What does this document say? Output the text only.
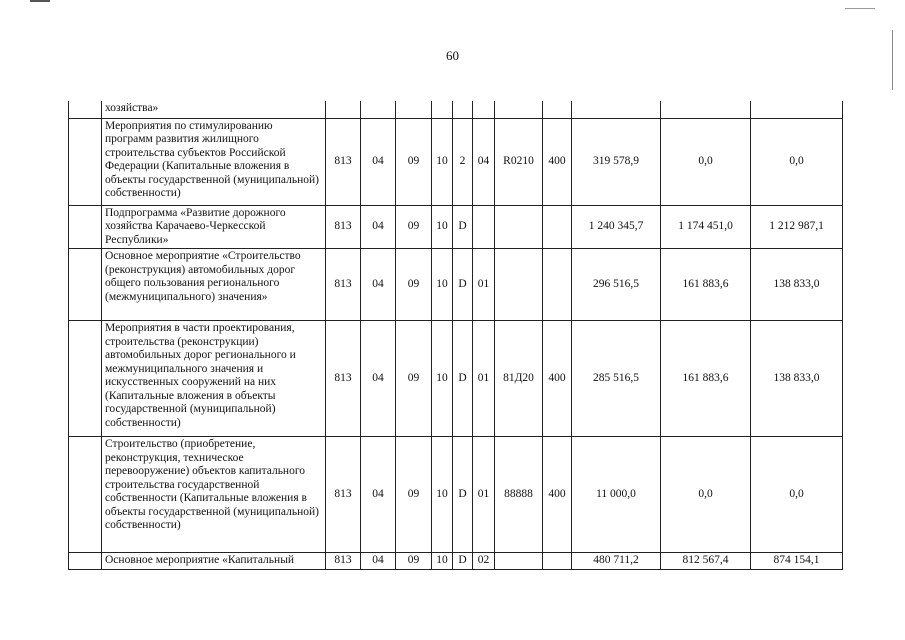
60
	хозяйства»											
	Мероприятия по стимулированию программ развития жилищного строительства субъектов Российской Федерации (Капитальные вложения в объекты государственной (муниципальной) собственности)	813	04	09	10	2	04	R0210	400	319 578,9	0,0	0,0
	Подпрограмма «Развитие дорожного хозяйства Карачаево-Черкесской Республики»	813	04	09	10	D				1 240 345,7	1 174 451,0	1 212 987,1
	Основное мероприятие «Строительство (реконструкция) автомобильных дорог общего пользования регионального (межмуниципального) значения»	813	04	09	10	D	01			296 516,5	161 883,6	138 833,0
	Мероприятия в части проектирования, строительства (реконструкции) автомобильных дорог регионального и межмуниципального значения и искусственных сооружений на них (Капитальные вложения в объекты государственной (муниципальной) собственности)	813	04	09	10	D	01	81Д20	400	285 516,5	161 883,6	138 833,0
	Строительство (приобретение, реконструкция, техническое перевооружение) объектов капитального строительства государственной собственности (Капитальные вложения в объекты государственной (муниципальной) собственности)	813	04	09	10	D	01	88888	400	11 000,0	0,0	0,0
	Основное мероприятие «Капитальный	813	04	09	10	D	02			480 711,2	812 567,4	874 154,1
